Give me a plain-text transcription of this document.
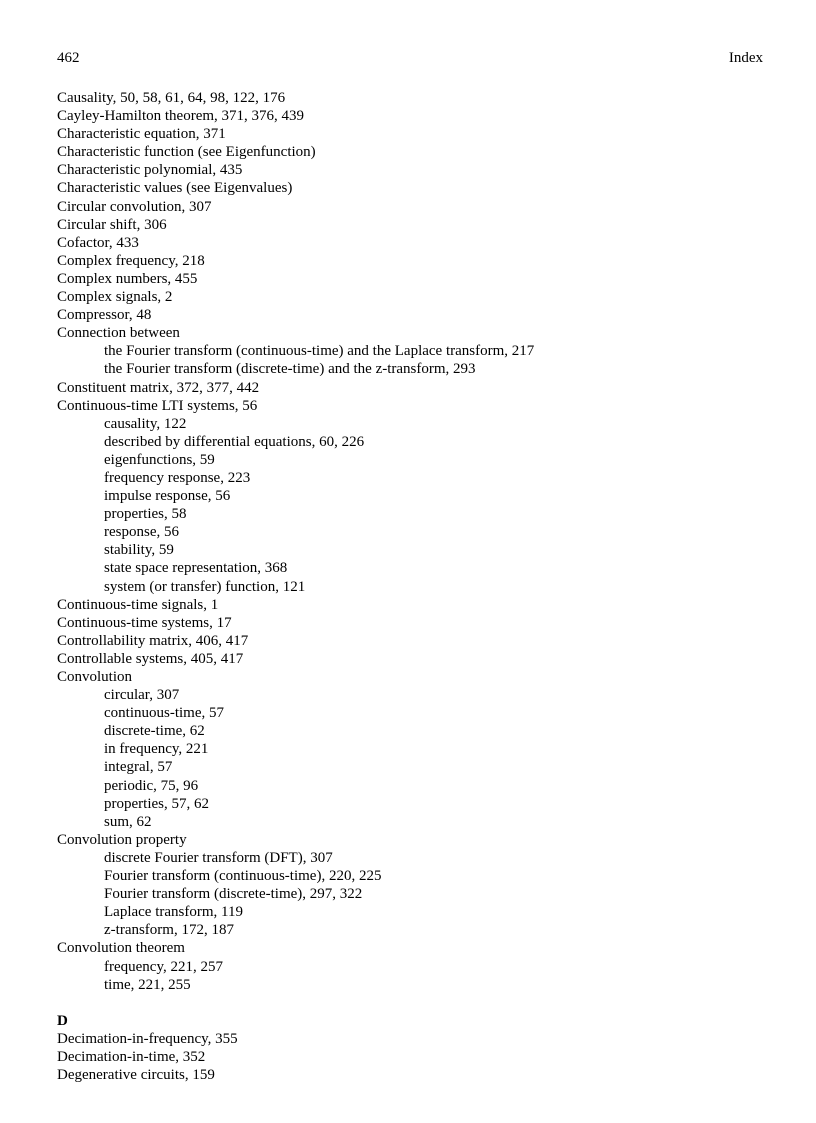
462	Index
Causality, 50, 58, 61, 64, 98, 122, 176
Cayley-Hamilton theorem, 371, 376, 439
Characteristic equation, 371
Characteristic function (see Eigenfunction)
Characteristic polynomial, 435
Characteristic values (see Eigenvalues)
Circular convolution, 307
Circular shift, 306
Cofactor, 433
Complex frequency, 218
Complex numbers, 455
Complex signals, 2
Compressor, 48
Connection between
the Fourier transform (continuous-time) and the Laplace transform, 217
the Fourier transform (discrete-time) and the z-transform, 293
Constituent matrix, 372, 377, 442
Continuous-time LTI systems, 56
causality, 122
described by differential equations, 60, 226
eigenfunctions, 59
frequency response, 223
impulse response, 56
properties, 58
response, 56
stability, 59
state space representation, 368
system (or transfer) function, 121
Continuous-time signals, 1
Continuous-time systems, 17
Controllability matrix, 406, 417
Controllable systems, 405, 417
Convolution
circular, 307
continuous-time, 57
discrete-time, 62
in frequency, 221
integral, 57
periodic, 75, 96
properties, 57, 62
sum, 62
Convolution property
discrete Fourier transform (DFT), 307
Fourier transform (continuous-time), 220, 225
Fourier transform (discrete-time), 297, 322
Laplace transform, 119
z-transform, 172, 187
Convolution theorem
frequency, 221, 257
time, 221, 255
D
Decimation-in-frequency, 355
Decimation-in-time, 352
Degenerative circuits, 159
